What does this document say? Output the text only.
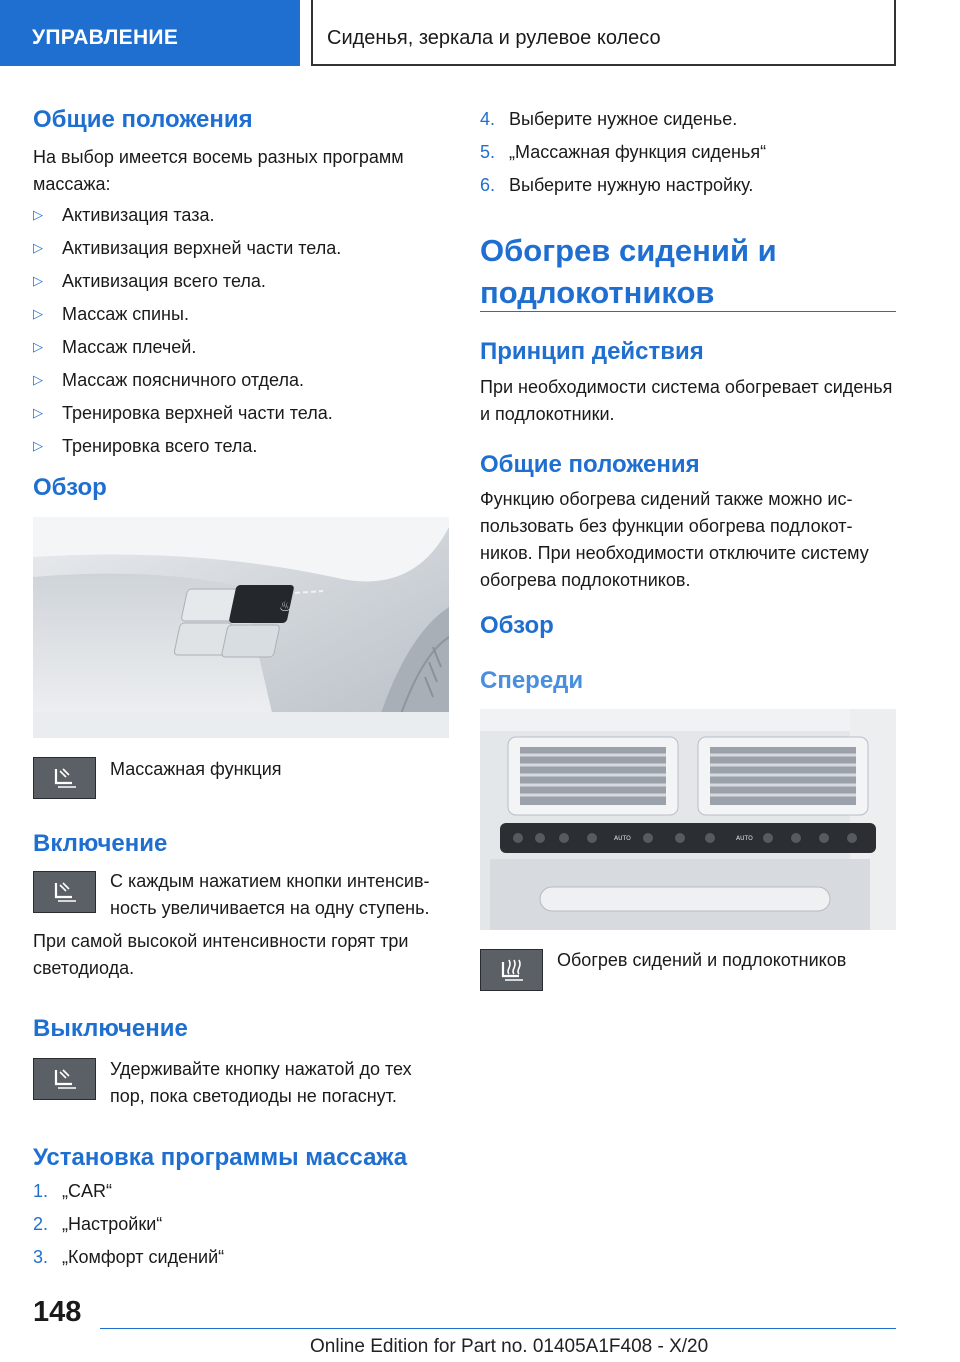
УПРАВЛЕНИЕ	Сиденья, зеркала и рулевое колесо
Общие положения
На выбор имеется восемь разных программ массажа:
▷ Активизация таза.
▷ Активизация верхней части тела.
▷ Активизация всего тела.
▷ Массаж спины.
▷ Массаж плечей.
▷ Массаж поясничного отдела.
▷ Тренировка верхней части тела.
▷ Тренировка всего тела.
Обзор
♨
Массажная функция
Включение
С каждым нажатием кнопки интенсивность увеличивается на одну ступень.
При самой высокой интенсивности горят три светодиода.
Выключение
Удерживайте кнопку нажатой до тех пор, пока светодиоды не погаснут.
Установка программы массажа
1. „CAR“
2. „Настройки“
3. „Комфорт сидений“
4. Выберите нужное сиденье.
5. „Массажная функция сиденья“
6. Выберите нужную настройку.
Обогрев сидений и подлокотников
Принцип действия
При необходимости система обогревает сиденья и подлокотники.
Общие положения
Функцию обогрева сидений также можно использовать без функции обогрева подлокотников. При необходимости отключите систему обогрева подлокотников.
Обзор
Спереди
AUTO	AUTO
Обогрев сидений и подлокотников
148
Online Edition for Part no. 01405A1F408 - X/20
